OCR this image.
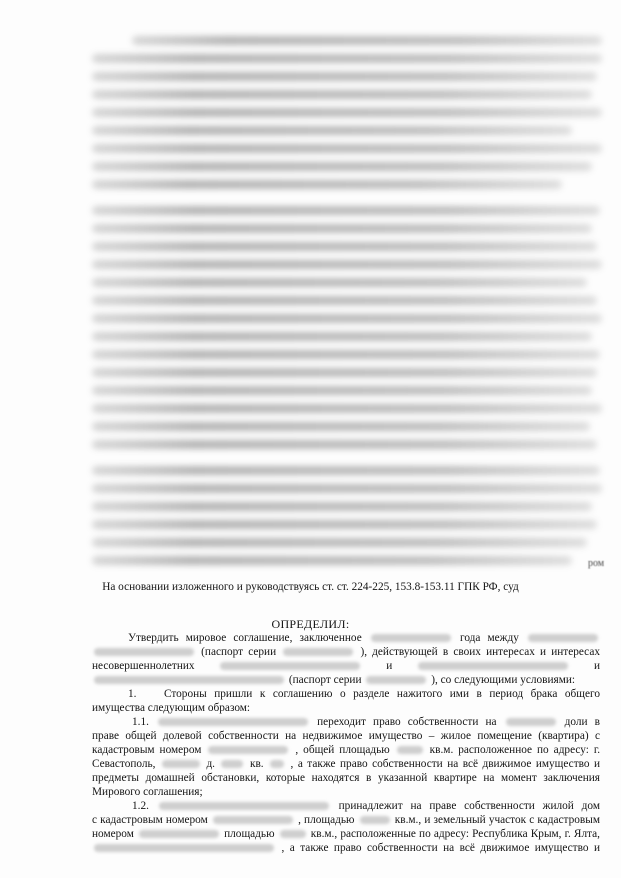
ром
На основании изложенного и руководствуясь ст. ст. 224-225, 153.8-153.11 ГПК РФ, суд
ОПРЕДЕЛИЛ:
Утвердить мировое соглашение, заключенное	года между
(паспорт серии	), действующей в своих интересах и интересах
несовершеннолетних	и	и
(паспорт серии	), со следующими условиями:
1. Стороны пришли к соглашению о разделе нажитого ими в период брака общего
имущества следующим образом:
1.1.	переходит право собственности на	доли в
праве общей долевой собственности на недвижимое имущество – жилое помещение (квартира) с
кадастровым номером	, общей площадью	кв.м. расположенное по адресу: г.
Севастополь,	д.	кв. , а также право собственности на всё движимое имущество и
предметы домашней обстановки, которые находятся в указанной квартире на момент заключения
Мирового соглашения;
1.2.	принадлежит на праве собственности жилой дом
с кадастровым номером	, площадью	кв.м., и земельный участок с кадастровым
номером	площадью	кв.м., расположенные по адресу: Республика Крым, г. Ялта,
, а также право собственности на всё движимое имущество и
